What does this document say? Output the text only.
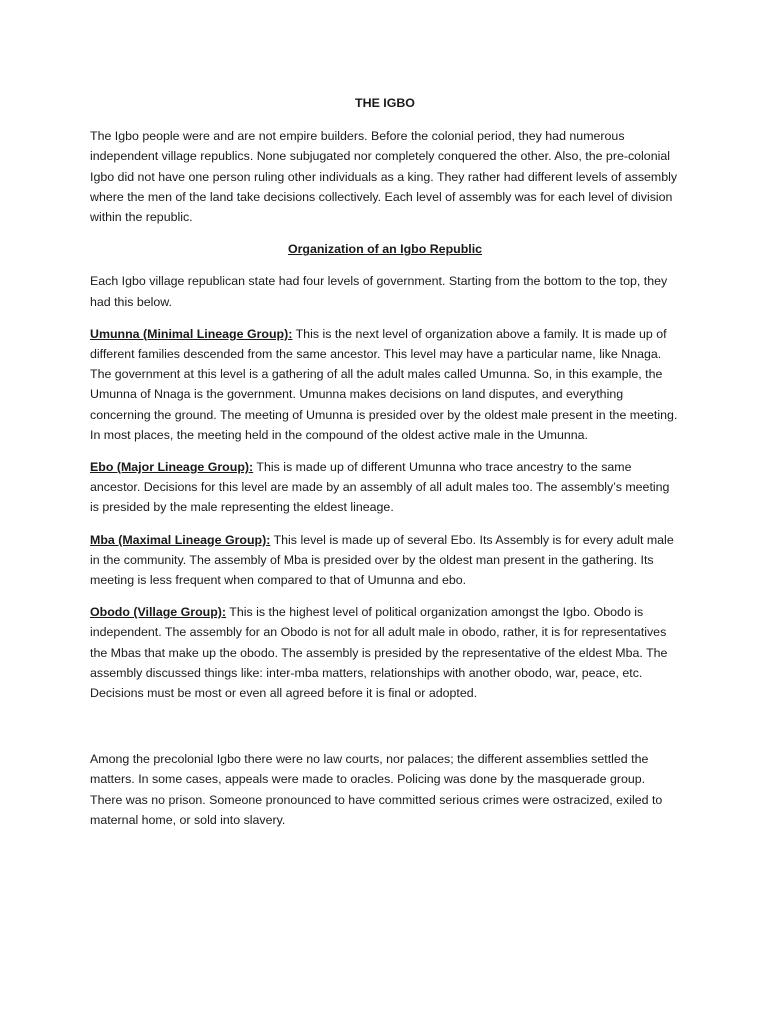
THE IGBO

The Igbo people were and are not empire builders. Before the colonial period, they had numerous independent village republics. None subjugated nor completely conquered the other. Also, the pre-colonial Igbo did not have one person ruling other individuals as a king. They rather had different levels of assembly where the men of the land take decisions collectively. Each level of assembly was for each level of division within the republic.

Organization of an Igbo Republic

Each Igbo village republican state had four levels of government. Starting from the bottom to the top, they had this below.

Umunna (Minimal Lineage Group): This is the next level of organization above a family. It is made up of different families descended from the same ancestor. This level may have a particular name, like Nnaga. The government at this level is a gathering of all the adult males called Umunna. So, in this example, the Umunna of Nnaga is the government. Umunna makes decisions on land disputes, and everything concerning the ground. The meeting of Umunna is presided over by the oldest male present in the meeting. In most places, the meeting held in the compound of the oldest active male in the Umunna.

Ebo (Major Lineage Group): This is made up of different Umunna who trace ancestry to the same ancestor. Decisions for this level are made by an assembly of all adult males too. The assembly’s meeting is presided by the male representing the eldest lineage.

Mba (Maximal Lineage Group): This level is made up of several Ebo. Its Assembly is for every adult male in the community. The assembly of Mba is presided over by the oldest man present in the gathering. Its meeting is less frequent when compared to that of Umunna and ebo.

Obodo (Village Group): This is the highest level of political organization amongst the Igbo. Obodo is independent. The assembly for an Obodo is not for all adult male in obodo, rather, it is for representatives the Mbas that make up the obodo. The assembly is presided by the representative of the eldest Mba. The assembly discussed things like: inter-mba matters, relationships with another obodo, war, peace, etc. Decisions must be most or even all agreed before it is final or adopted.

Among the precolonial Igbo there were no law courts, nor palaces; the different assemblies settled the matters. In some cases, appeals were made to oracles. Policing was done by the masquerade group. There was no prison. Someone pronounced to have committed serious crimes were ostracized, exiled to maternal home, or sold into slavery.
